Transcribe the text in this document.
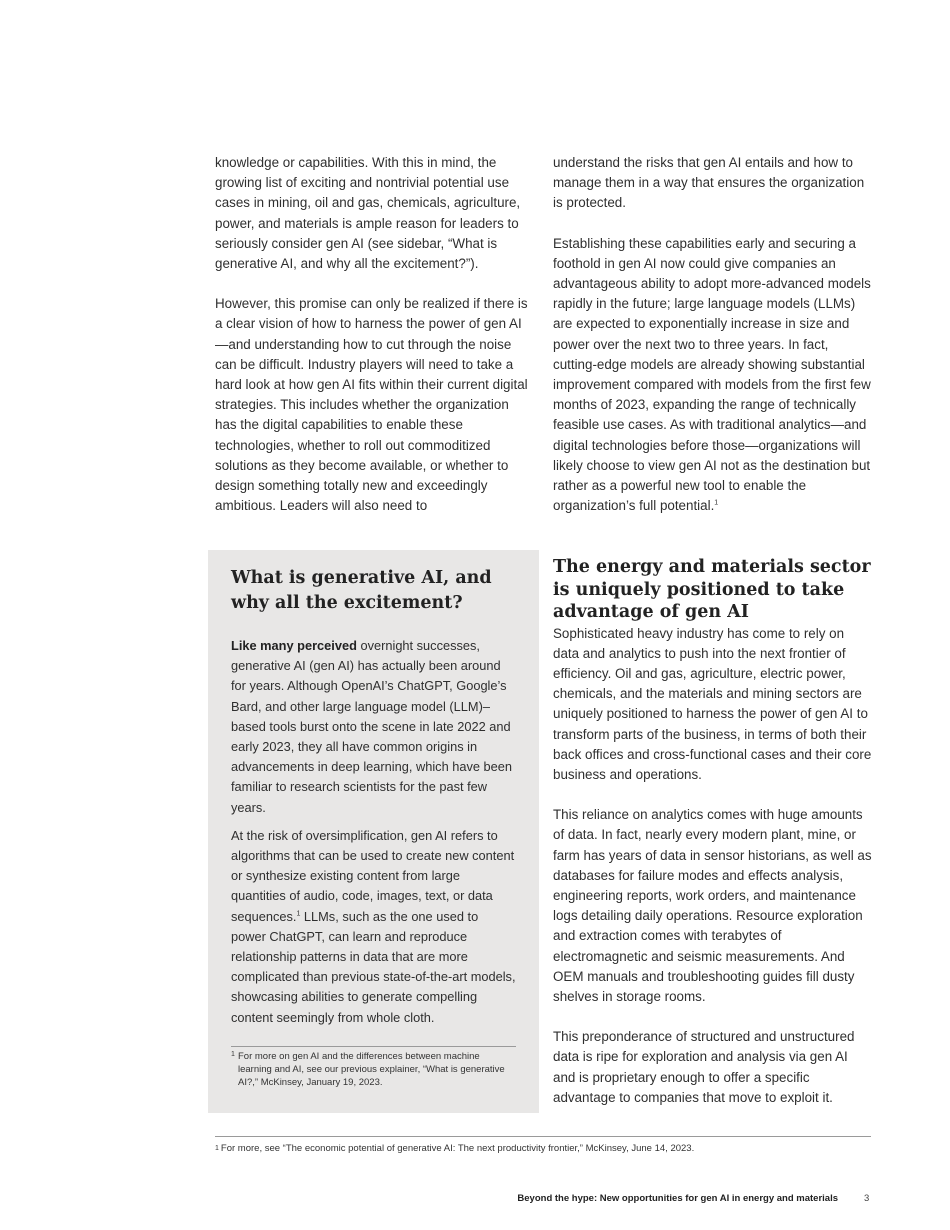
knowledge or capabilities. With this in mind, the growing list of exciting and nontrivial potential use cases in mining, oil and gas, chemicals, agriculture, power, and materials is ample reason for leaders to seriously consider gen AI (see sidebar, “What is generative AI, and why all the excitement?”).

However, this promise can only be realized if there is a clear vision of how to harness the power of gen AI—and understanding how to cut through the noise can be difficult. Industry players will need to take a hard look at how gen AI fits within their current digital strategies. This includes whether the organization has the digital capabilities to enable these technologies, whether to roll out commoditized solutions as they become available, or whether to design something totally new and exceedingly ambitious. Leaders will also need to

understand the risks that gen AI entails and how to manage them in a way that ensures the organization is protected.

Establishing these capabilities early and securing a foothold in gen AI now could give companies an advantageous ability to adopt more-advanced models rapidly in the future; large language models (LLMs) are expected to exponentially increase in size and power over the next two to three years. In fact, cutting-edge models are already showing substantial improvement compared with models from the first few months of 2023, expanding the range of technically feasible use cases. As with traditional analytics—and digital technologies before those—organizations will likely choose to view gen AI not as the destination but rather as a powerful new tool to enable the organization’s full potential.$^1$

What is generative AI, and why all the excitement?

Like many perceived overnight successes, generative AI (gen AI) has actually been around for years. Although OpenAI’s ChatGPT, Google’s Bard, and other large language model (LLM)–based tools burst onto the scene in late 2022 and early 2023, they all have common origins in advancements in deep learning, which have been familiar to research scientists for the past few years.

At the risk of oversimplification, gen AI refers to algorithms that can be used to create new content or synthesize existing content from large quantities of audio, code, images, text, or data sequences.$^1$ LLMs, such as the one used to power ChatGPT, can learn and reproduce relationship patterns in data that are more complicated than previous state-of-the-art models, showcasing abilities to generate compelling content seemingly from whole cloth.

1 For more on gen AI and the differences between machine learning and AI, see our previous explainer, “What is generative AI?,” McKinsey, January 19, 2023.
The energy and materials sector is uniquely positioned to take advantage of gen AI

Sophisticated heavy industry has come to rely on data and analytics to push into the next frontier of efficiency. Oil and gas, agriculture, electric power, chemicals, and the materials and mining sectors are uniquely positioned to harness the power of gen AI to transform parts of the business, in terms of both their back offices and cross-functional cases and their core business and operations.

This reliance on analytics comes with huge amounts of data. In fact, nearly every modern plant, mine, or farm has years of data in sensor historians, as well as databases for failure modes and effects analysis, engineering reports, work orders, and maintenance logs detailing daily operations. Resource exploration and extraction comes with terabytes of electromagnetic and seismic measurements. And OEM manuals and troubleshooting guides fill dusty shelves in storage rooms.

This preponderance of structured and unstructured data is ripe for exploration and analysis via gen AI and is proprietary enough to offer a specific advantage to companies that move to exploit it.

$^1$ For more, see “The economic potential of generative AI: The next productivity frontier,” McKinsey, June 14, 2023.
Beyond the hype: New opportunities for gen AI in energy and materials	3
